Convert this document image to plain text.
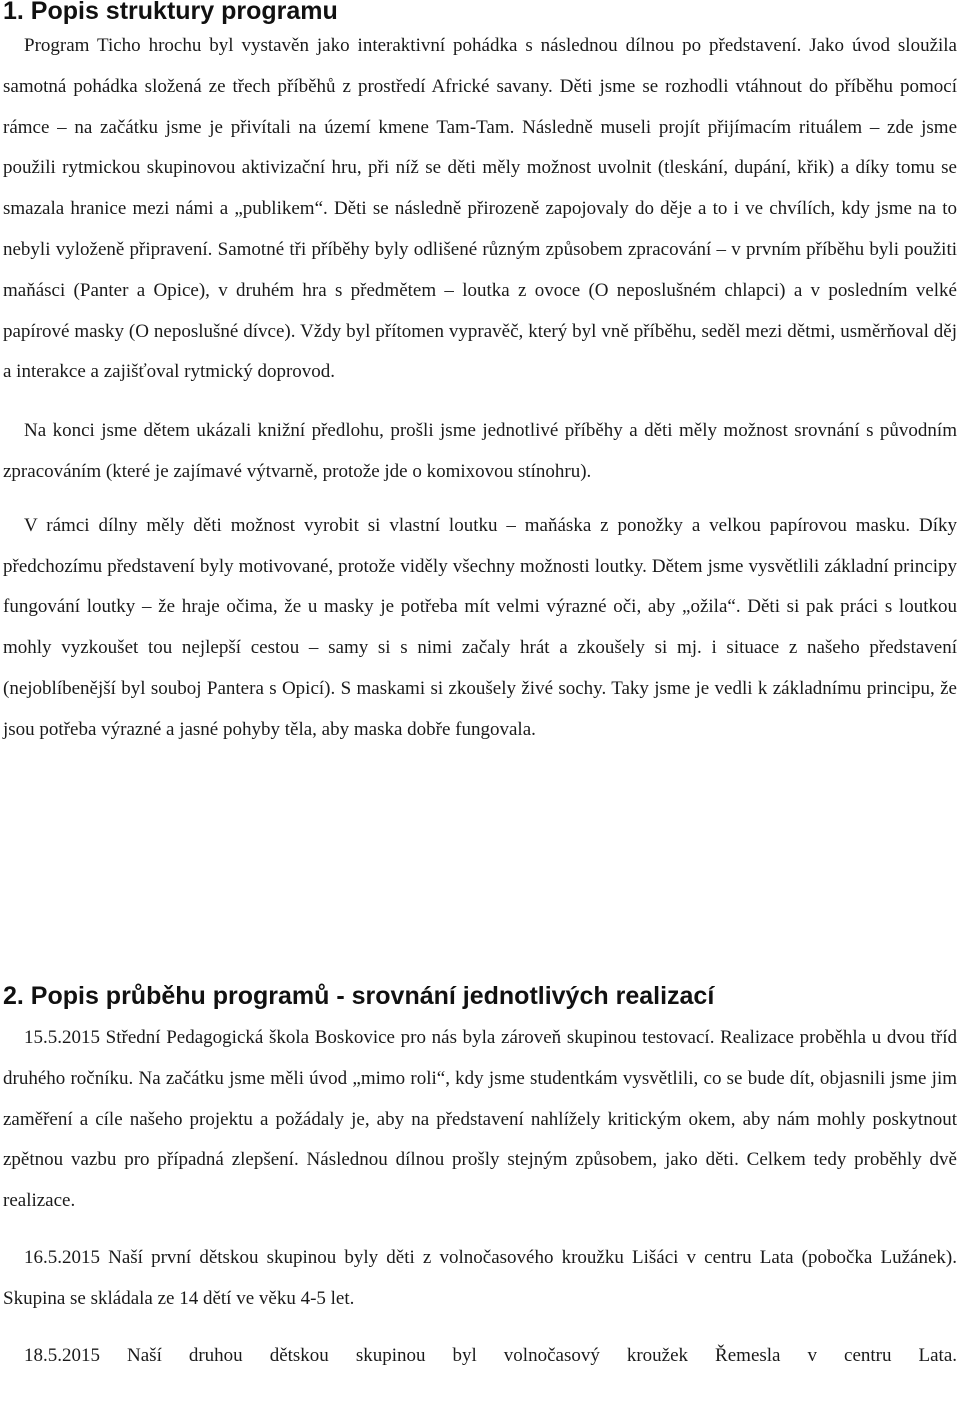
1. Popis struktury programu

Program Ticho hrochu byl vystavěn jako interaktivní pohádka s následnou dílnou po představení. Jako úvod sloužila samotná pohádka složená ze třech příběhů z prostředí Africké savany. Děti jsme se rozhodli vtáhnout do příběhu pomocí rámce – na začátku jsme je přivítali na území kmene Tam-Tam. Následně museli projít přijímacím rituálem – zde jsme použili rytmickou skupinovou aktivizační hru, při níž se děti měly možnost uvolnit (tleskání, dupání, křik) a díky tomu se smazala hranice mezi námi a „publikem“. Děti se následně přirozeně zapojovaly do děje a to i ve chvílích, kdy jsme na to nebyli vyloženě připravení. Samotné tři příběhy byly odlišené různým způsobem zpracování – v prvním příběhu byli použiti maňásci (Panter a Opice), v druhém hra s předmětem – loutka z ovoce (O neposlušném chlapci) a v posledním velké papírové masky (O neposlušné dívce). Vždy byl přítomen vypravěč, který byl vně příběhu, seděl mezi dětmi, usměrňoval děj a interakce a zajišťoval rytmický doprovod.

Na konci jsme dětem ukázali knižní předlohu, prošli jsme jednotlivé příběhy a děti měly možnost srovnání s původním zpracováním (které je zajímavé výtvarně, protože jde o komixovou stínohru).

V rámci dílny měly děti možnost vyrobit si vlastní loutku – maňáska z ponožky a velkou papírovou masku. Díky předchozímu představení byly motivované, protože viděly všechny možnosti loutky. Dětem jsme vysvětlili základní principy fungování loutky – že hraje očima, že u masky je potřeba mít velmi výrazné oči, aby „ožila“. Děti si pak práci s loutkou mohly vyzkoušet tou nejlepší cestou – samy si s nimi začaly hrát a zkoušely si mj. i situace z našeho představení (nejoblíbenější byl souboj Pantera s Opicí). S maskami si zkoušely živé sochy. Taky jsme je vedli k základnímu principu, že jsou potřeba výrazné a jasné pohyby těla, aby maska dobře fungovala.

2. Popis průběhu programů - srovnání jednotlivých realizací

15.5.2015 Střední Pedagogická škola Boskovice pro nás byla zároveň skupinou testovací. Realizace proběhla u dvou tříd druhého ročníku. Na začátku jsme měli úvod „mimo roli“, kdy jsme studentkám vysvětlili, co se bude dít, objasnili jsme jim zaměření a cíle našeho projektu a požádaly je, aby na představení nahlížely kritickým okem, aby nám mohly poskytnout zpětnou vazbu pro případná zlepšení. Následnou dílnou prošly stejným způsobem, jako děti. Celkem tedy proběhly dvě realizace.

16.5.2015 Naší první dětskou skupinou byly děti z volnočasového kroužku Lišáci v centru Lata (pobočka Lužánek). Skupina se skládala ze 14 dětí ve věku 4-5 let.

18.5.2015 Naší druhou dětskou skupinou byl volnočasový kroužek Řemesla v centru Lata.
